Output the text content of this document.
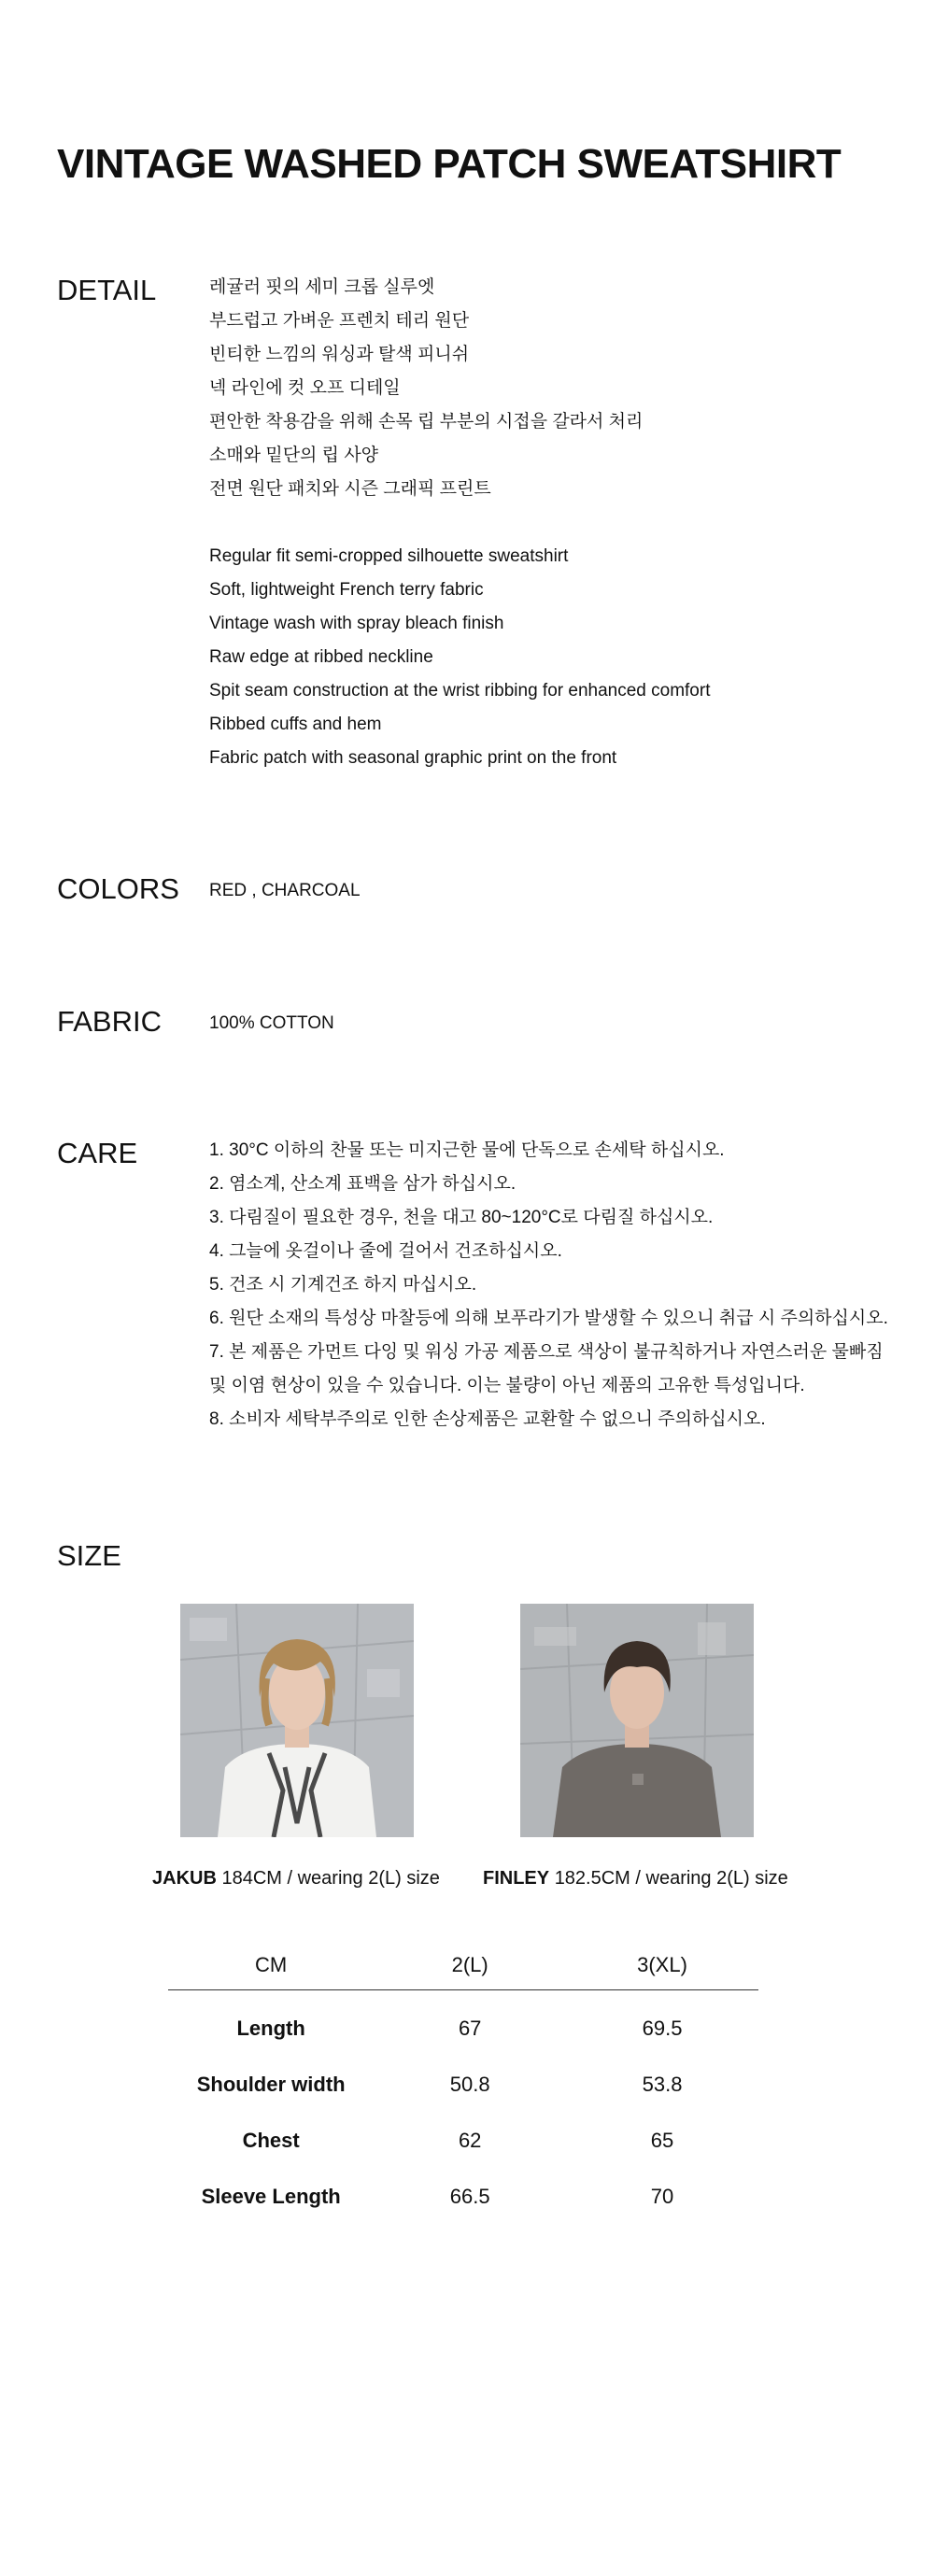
VINTAGE WASHED PATCH SWEATSHIRT
DETAIL	레귤러 핏의 세미 크롭 실루엣
부드럽고 가벼운 프렌치 테리 원단
빈티한 느낌의 워싱과 탈색 피니쉬
넥 라인에 컷 오프 디테일
편안한 착용감을 위해 손목 립 부분의 시접을 갈라서 처리
소매와 밑단의 립 사양
전면 원단 패치와 시즌 그래픽 프린트
Regular fit semi-cropped silhouette sweatshirt
Soft, lightweight French terry fabric
Vintage wash with spray bleach finish
Raw edge at ribbed neckline
Spit seam construction at the wrist ribbing for enhanced comfort
Ribbed cuffs and hem
Fabric patch with seasonal graphic print on the front
COLORS RED , CHARCOAL
FABRIC	100% COTTON
CARE	1. 30°C 이하의 찬물 또는 미지근한 물에 단독으로 손세탁 하십시오.
2. 염소계, 산소계 표백을 삼가 하십시오.
3. 다림질이 필요한 경우, 천을 대고 80~120°C로 다림질 하십시오.
4. 그늘에 옷걸이나 줄에 걸어서 건조하십시오.
5. 건조 시 기계건조 하지 마십시오.
6. 원단 소재의 특성상 마찰등에 의해 보푸라기가 발생할 수 있으니 취급 시 주의하십시오.
7. 본 제품은 가먼트 다잉 및 워싱 가공 제품으로 색상이 불규칙하거나 자연스러운 물빠짐
및 이염 현상이 있을 수 있습니다. 이는 불량이 아닌 제품의 고유한 특성입니다.
8. 소비자 세탁부주의로 인한 손상제품은 교환할 수 없으니 주의하십시오.
SIZE
JAKUB 184CM / wearing 2(L) size FINLEY 182.5CM / wearing 2(L) size
CM	2(L)	3(XL)
Length	67	69.5
Shoulder width	50.8	53.8
Chest	62	65
Sleeve Length	66.5	70
